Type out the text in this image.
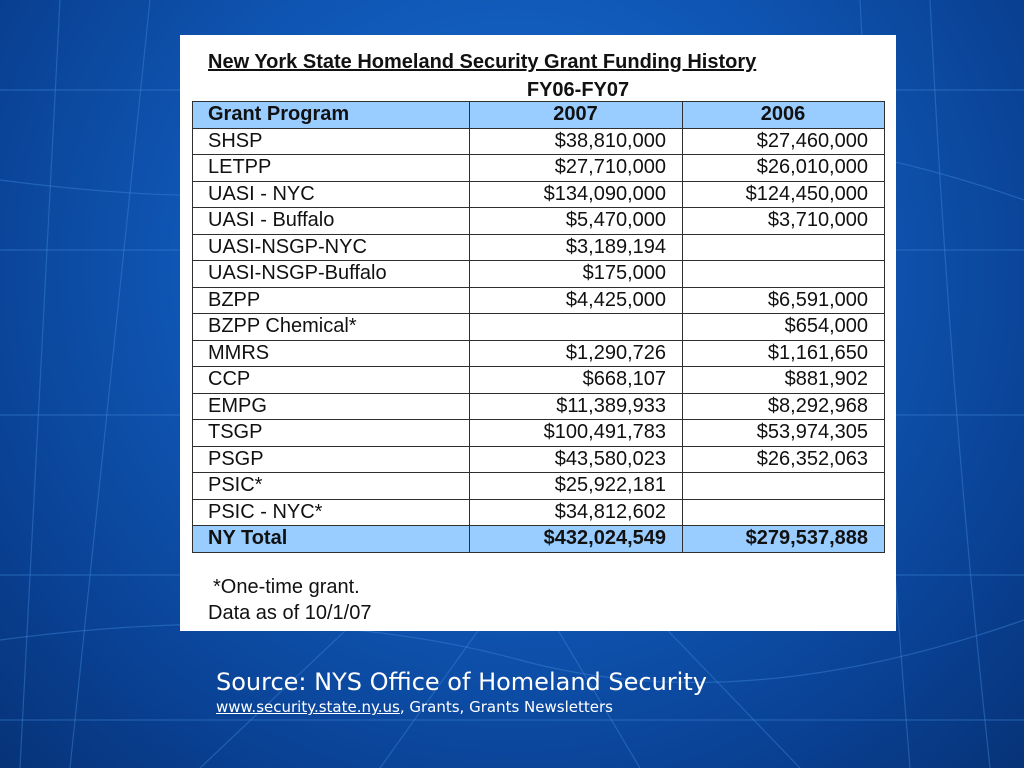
New York State Homeland Security Grant Funding History
FY06-FY07
Grant Program	2007	2006
SHSP	$38,810,000	$27,460,000
LETPP	$27,710,000	$26,010,000
UASI - NYC	$134,090,000	$124,450,000
UASI - Buffalo	$5,470,000	$3,710,000
UASI-NSGP-NYC	$3,189,194	
UASI-NSGP-Buffalo	$175,000	
BZPP	$4,425,000	$6,591,000
BZPP Chemical*		$654,000
MMRS	$1,290,726	$1,161,650
CCP	$668,107	$881,902
EMPG	$11,389,933	$8,292,968
TSGP	$100,491,783	$53,974,305
PSGP	$43,580,023	$26,352,063
PSIC*	$25,922,181	
PSIC - NYC*	$34,812,602	
NY Total	$432,024,549	$279,537,888
*One-time grant.
Data as of 10/1/07
Source: NYS Office of Homeland Security
www.security.state.ny.us, Grants, Grants Newsletters
